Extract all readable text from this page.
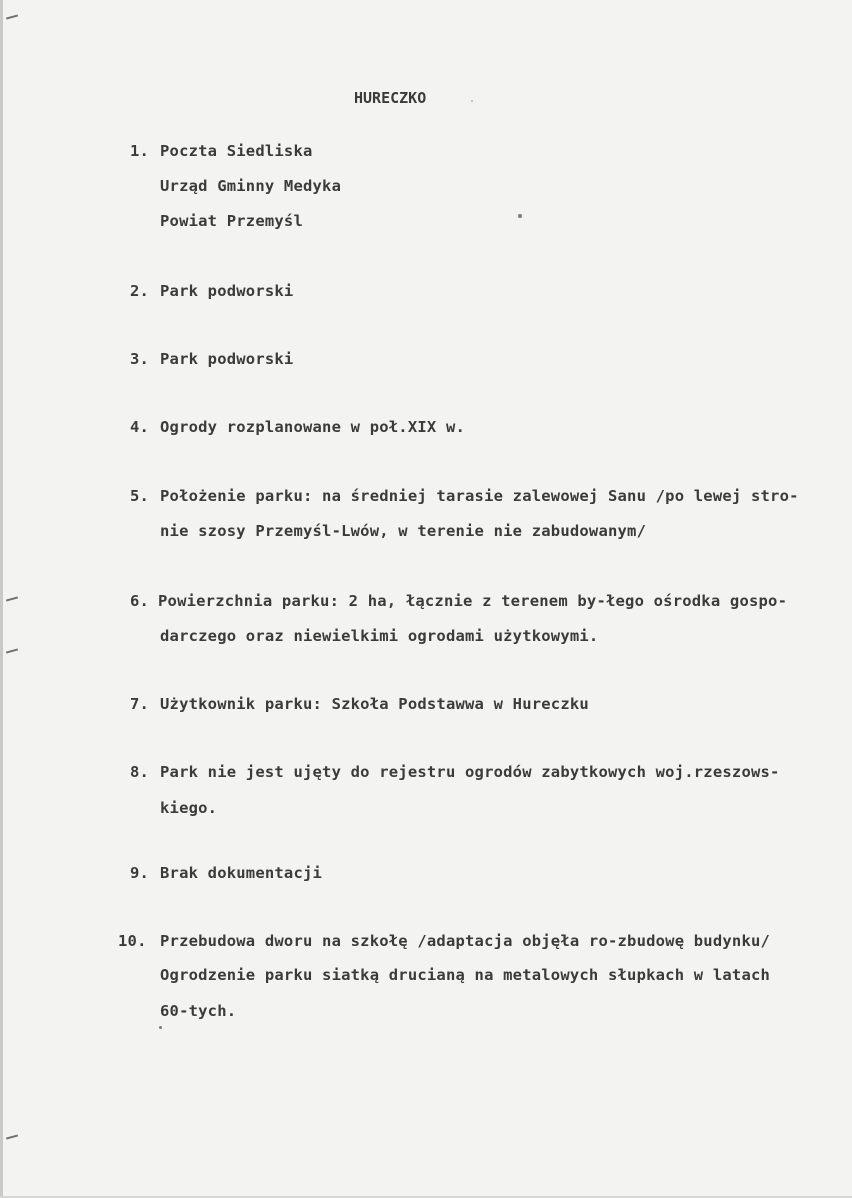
HURECZKO
1. Poczta Siedliska
Urząd Gminny Medyka
Powiat Przemyśl
2. Park podworski
3. Park podworski
4. Ogrody rozplanowane w poł.XIX w.
5. Położenie parku: na średniej tarasie zalewowej Sanu /po lewej stro-
nie szosy Przemyśl-Lwów, w terenie nie zabudowanym/
6. Powierzchnia parku: 2 ha, łącznie z terenem by-łego ośrodka gospo-
darczego oraz niewielkimi ogrodami użytkowymi.
7. Użytkownik parku: Szkoła Podstawwa w Hureczku
8. Park nie jest ujęty do rejestru ogrodów zabytkowych woj.rzeszows-
kiego.
9. Brak dokumentacji
10. Przebudowa dworu na szkołę /adaptacja objęła ro-zbudowę budynku/
Ogrodzenie parku siatką drucianą na metalowych słupkach w latach
60-tych.
